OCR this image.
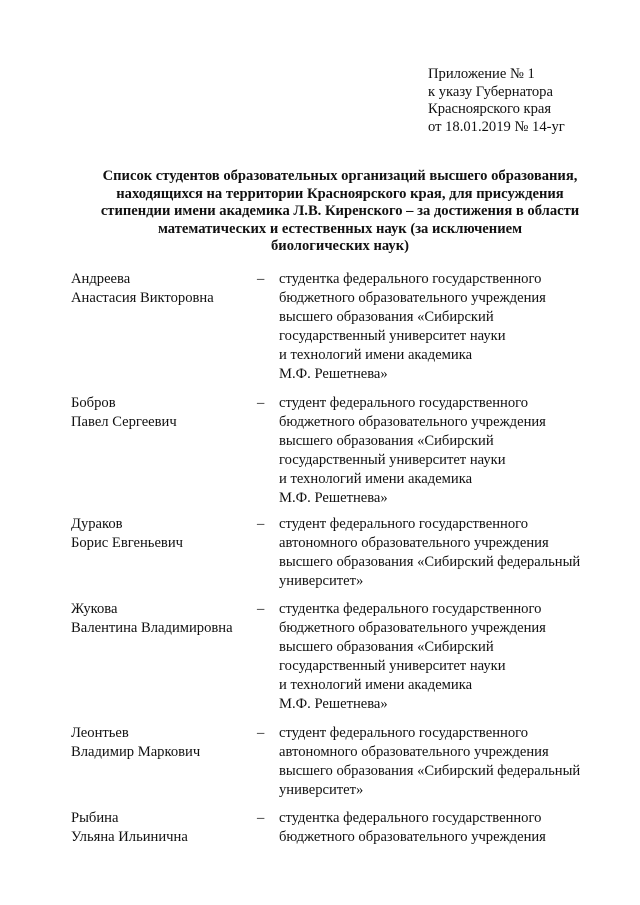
Приложение № 1
к указу Губернатора
Красноярского края
от 18.01.2019 № 14-уг
Список студентов образовательных организаций высшего образования,
находящихся на территории Красноярского края, для присуждения
стипендии имени академика Л.В. Киренского – за достижения в области
математических и естественных наук (за исключением
биологических наук)
Андреева
Анастасия Викторовна
– студентка федерального государственного
бюджетного образовательного учреждения
высшего образования «Сибирский
государственный университет науки
и технологий имени академика
М.Ф. Решетнева»
Бобров
Павел Сергеевич
– студент федерального государственного
бюджетного образовательного учреждения
высшего образования «Сибирский
государственный университет науки
и технологий имени академика
М.Ф. Решетнева»
Дураков
Борис Евгеньевич
– студент федерального государственного
автономного образовательного учреждения
высшего образования «Сибирский федеральный
университет»
Жукова
Валентина Владимировна
– студентка федерального государственного
бюджетного образовательного учреждения
высшего образования «Сибирский
государственный университет науки
и технологий имени академика
М.Ф. Решетнева»
Леонтьев
Владимир Маркович
– студент федерального государственного
автономного образовательного учреждения
высшего образования «Сибирский федеральный
университет»
Рыбина
Ульяна Ильинична
– студентка федерального государственного
бюджетного образовательного учреждения
